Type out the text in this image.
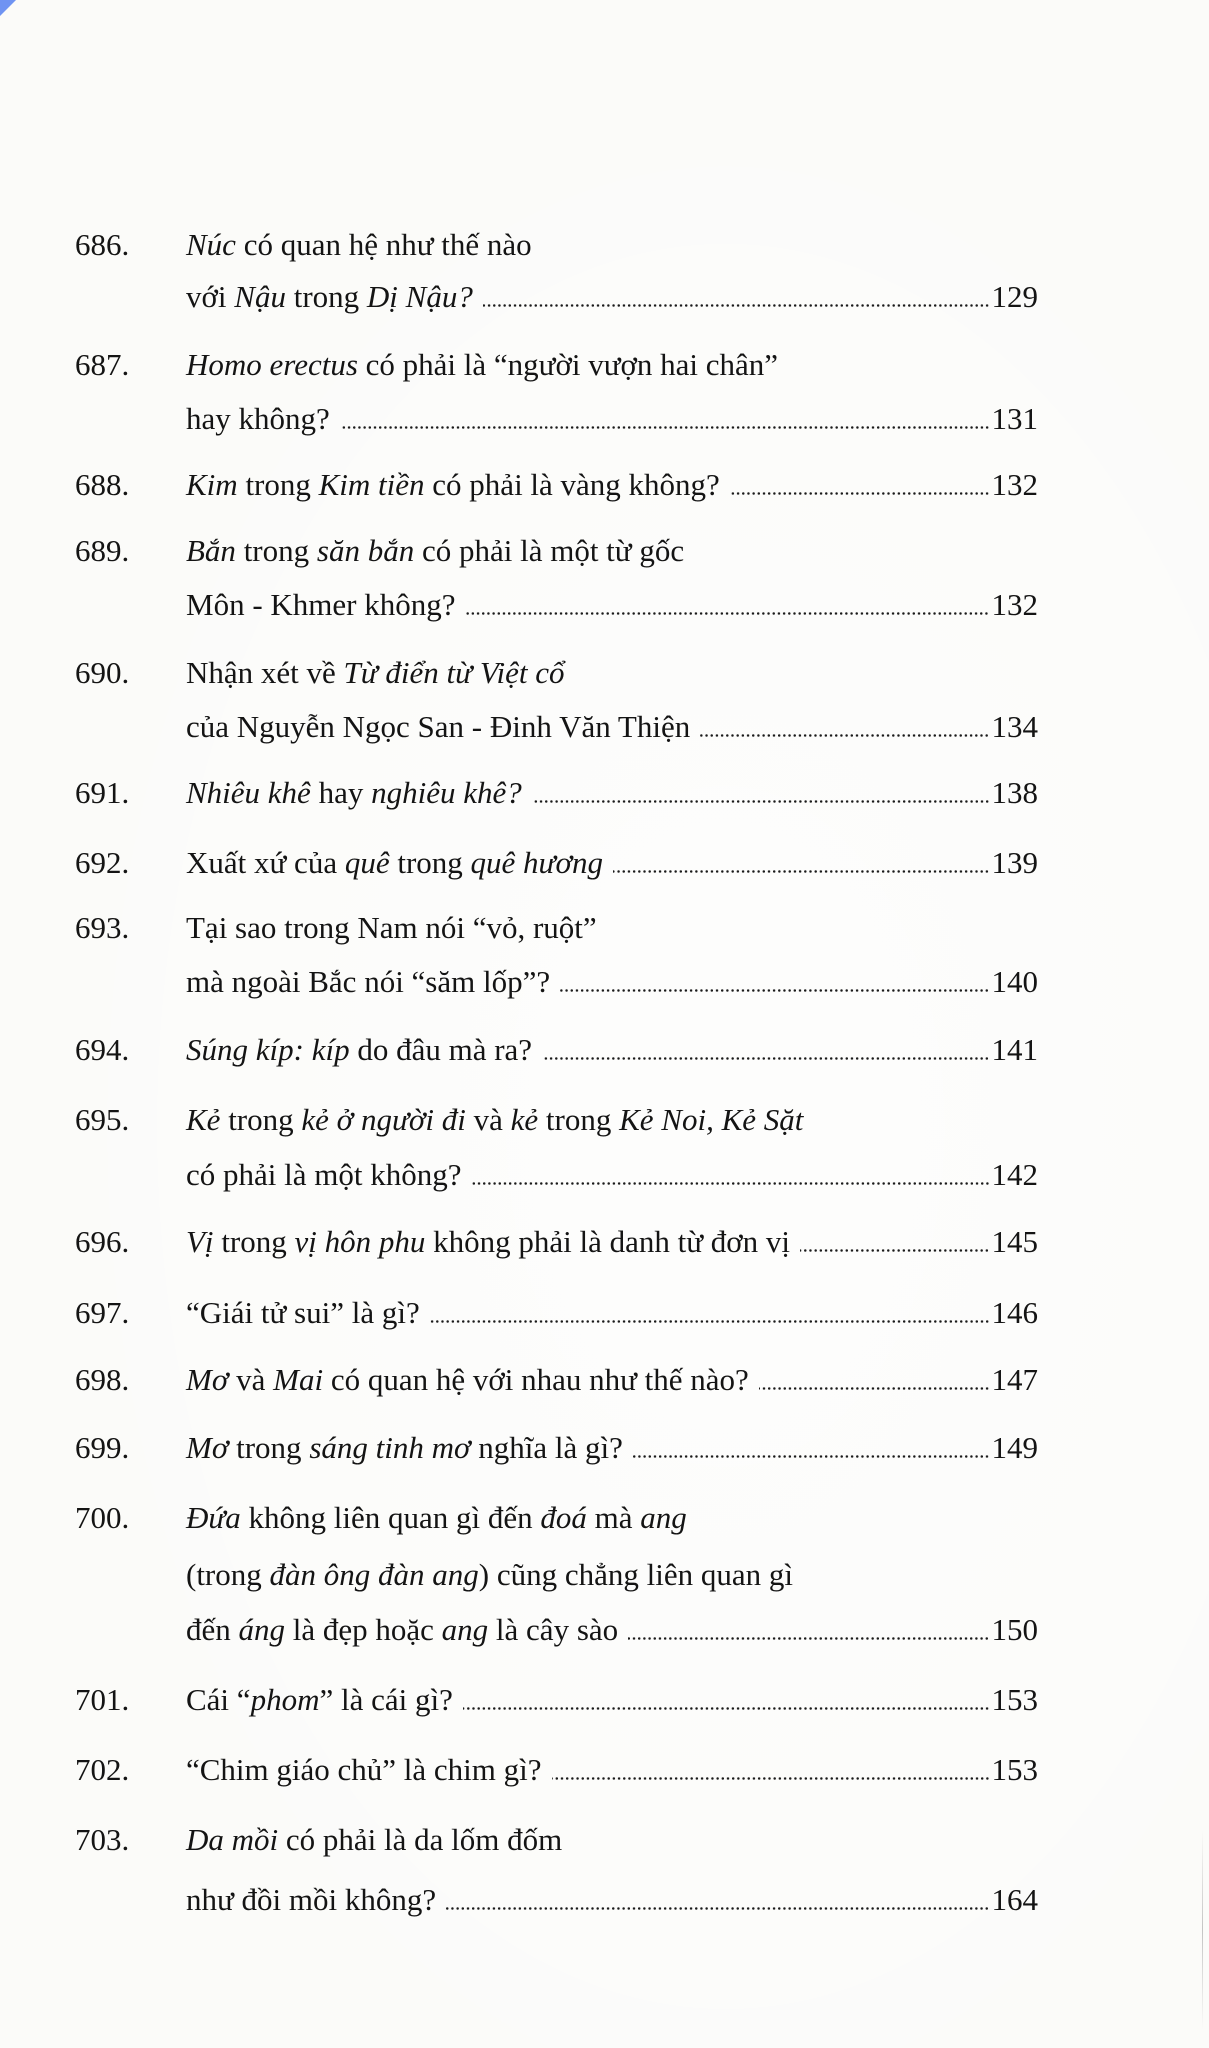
686. Núc có quan hệ như thế nào
với Nậu trong Dị Nậu?	129
687. Homo erectus có phải là “người vượn hai chân”
hay không?	131
688. Kim trong Kim tiền có phải là vàng không?	132
689. Bắn trong săn bắn có phải là một từ gốc
Môn - Khmer không?	132
690. Nhận xét về Từ điển từ Việt cổ
của Nguyễn Ngọc San - Đinh Văn Thiện	134
691. Nhiêu khê hay nghiêu khê?	138
692. Xuất xứ của quê trong quê hương	139
693. Tại sao trong Nam nói “vỏ, ruột”
mà ngoài Bắc nói “săm lốp”?	140
694. Súng kíp: kíp do đâu mà ra?	141
695. Kẻ trong kẻ ở người đi và kẻ trong Kẻ Noi, Kẻ Sặt
có phải là một không?	142
696. Vị trong vị hôn phu không phải là danh từ đơn vị	145
697. “Giái tử sui” là gì?	146
698. Mơ và Mai có quan hệ với nhau như thế nào?	147
699. Mơ trong sáng tinh mơ nghĩa là gì?	149
700. Đứa không liên quan gì đến đoá mà ang
(trong đàn ông đàn ang) cũng chẳng liên quan gì
đến áng là đẹp hoặc ang là cây sào	150
701. Cái “phom” là cái gì?	153
702. “Chim giáo chủ” là chim gì?	153
703. Da mồi có phải là da lốm đốm
như đồi mồi không?	164
